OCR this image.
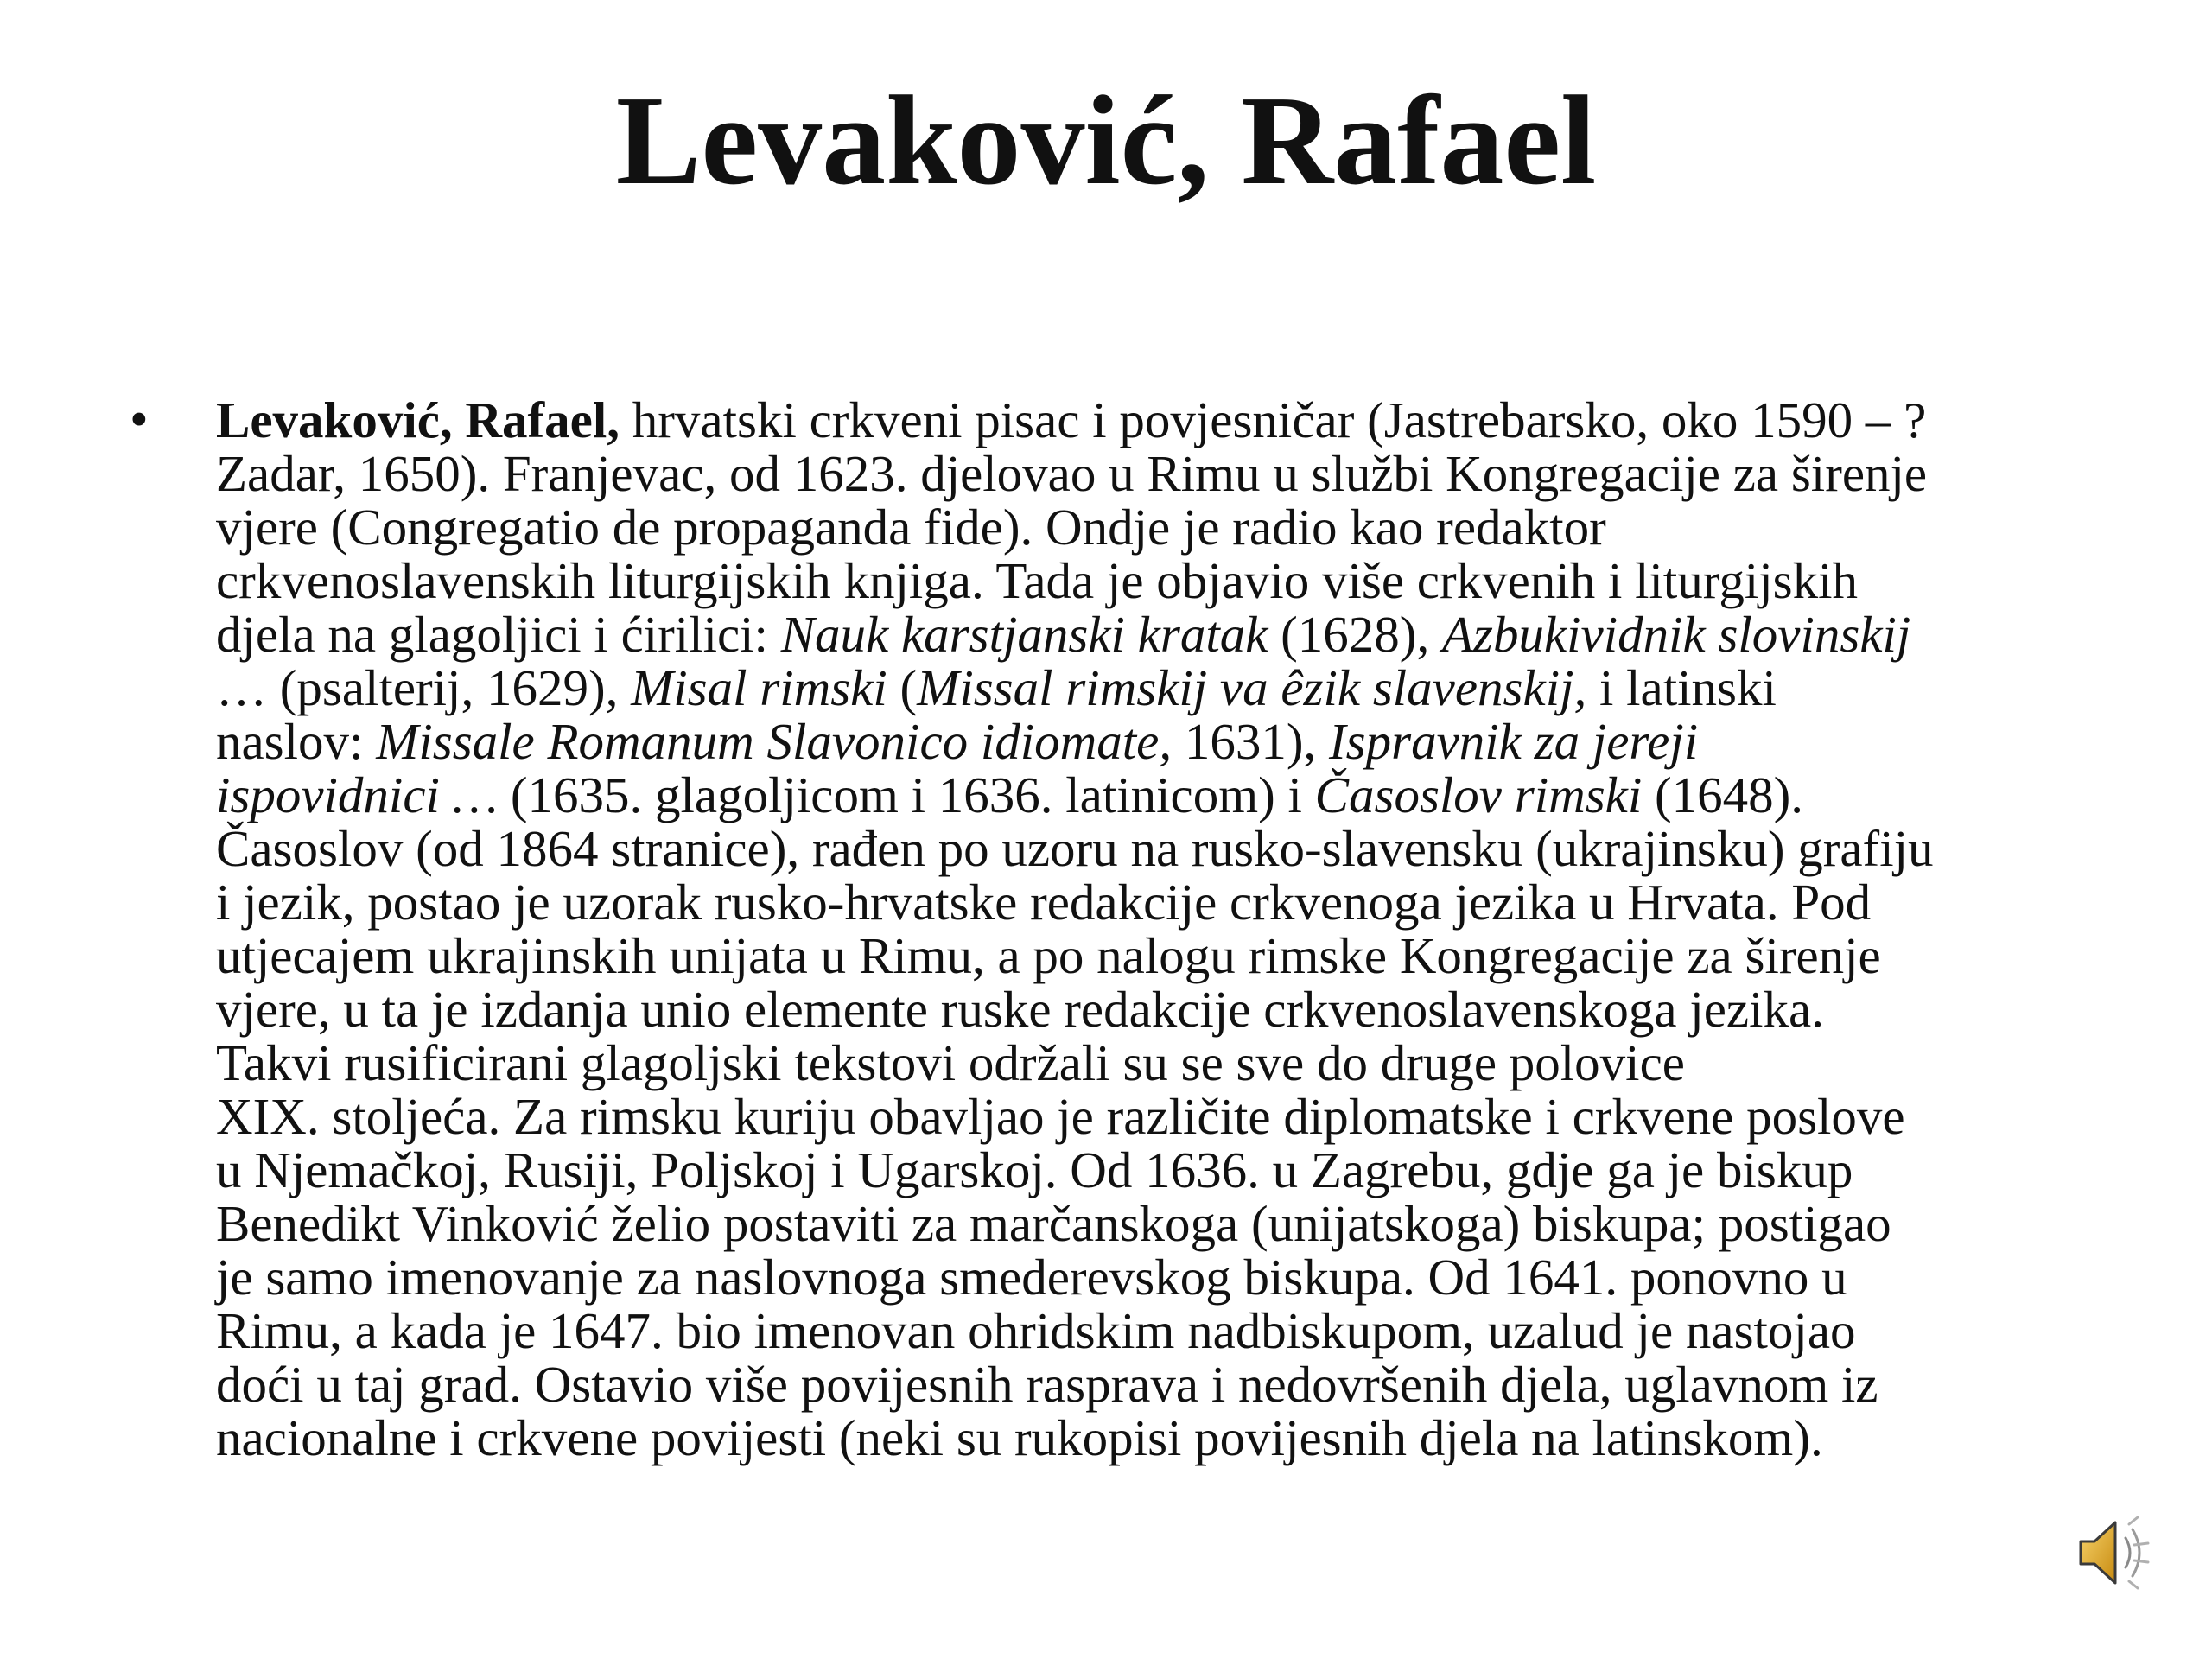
Levaković, Rafael
• Levaković, Rafael, hrvatski crkveni pisac i povjesničar (Jastrebarsko, oko 1590 – ?
Zadar, 1650). Franjevac, od 1623. djelovao u Rimu u službi Kongregacije za širenje
vjere (Congregatio de propaganda fide). Ondje je radio kao redaktor
crkvenoslavenskih liturgijskih knjiga. Tada je objavio više crkvenih i liturgijskih
djela na glagoljici i ćirilici: Nauk karstjanski kratak (1628), Azbukividnik slovinskij
… (psalterij, 1629), Misal rimski (Missal rimskij va êzik slavenskij, i latinski
naslov: Missale Romanum Slavonico idiomate, 1631), Ispravnik za jereji
ispovidnici … (1635. glagoljicom i 1636. latinicom) i Časoslov rimski (1648).
Časoslov (od 1864 stranice), rađen po uzoru na rusko-slavensku (ukrajinsku) grafiju
i jezik, postao je uzorak rusko-hrvatske redakcije crkvenoga jezika u Hrvata. Pod
utjecajem ukrajinskih unijata u Rimu, a po nalogu rimske Kongregacije za širenje
vjere, u ta je izdanja unio elemente ruske redakcije crkvenoslavenskoga jezika.
Takvi rusificirani glagoljski tekstovi održali su se sve do druge polovice
XIX. stoljeća. Za rimsku kuriju obavljao je različite diplomatske i crkvene poslove
u Njemačkoj, Rusiji, Poljskoj i Ugarskoj. Od 1636. u Zagrebu, gdje ga je biskup
Benedikt Vinković želio postaviti za marčanskoga (unijatskoga) biskupa; postigao
je samo imenovanje za naslovnoga smederevskog biskupa. Od 1641. ponovno u
Rimu, a kada je 1647. bio imenovan ohridskim nadbiskupom, uzalud je nastojao
doći u taj grad. Ostavio više povijesnih rasprava i nedovršenih djela, uglavnom iz
nacionalne i crkvene povijesti (neki su rukopisi povijesnih djela na latinskom).
